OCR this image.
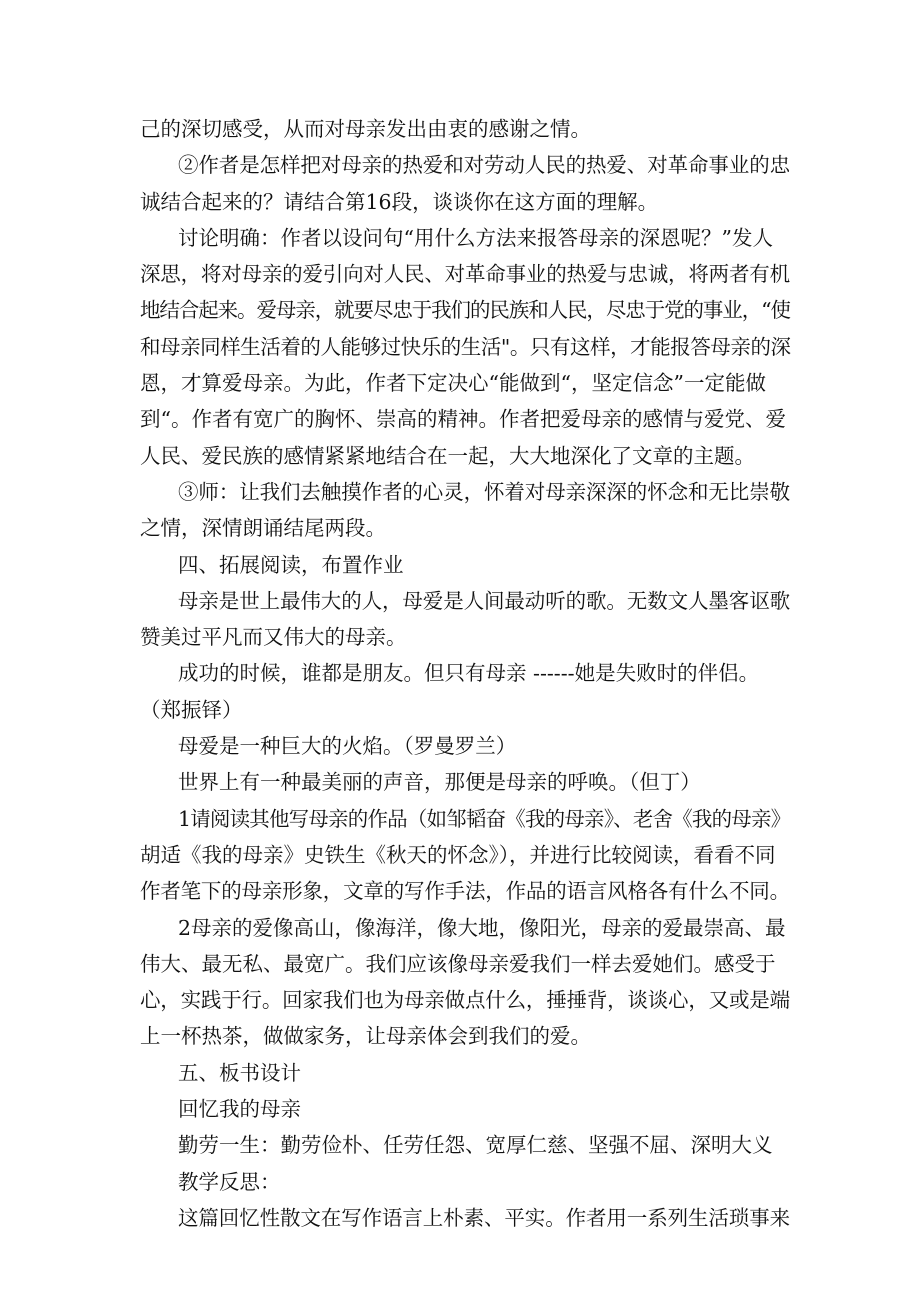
己的深切感受，从而对母亲发出由衷的感谢之情。
②作者是怎样把对母亲的热爱和对劳动人民的热爱、对革命事业的忠
诚结合起来的？请结合第16段，谈谈你在这方面的理解。
讨论明确：作者以设问句“用什么方法来报答母亲的深恩呢？”发人
深思，将对母亲的爱引向对人民、对革命事业的热爱与忠诚，将两者有机
地结合起来。爱母亲，就要尽忠于我们的民族和人民，尽忠于党的事业，“使
和母亲同样生活着的人能够过快乐的生活"。只有这样，才能报答母亲的深
恩，才算爱母亲。为此，作者下定决心“能做到“，坚定信念”一定能做
到“。作者有宽广的胸怀、崇高的精神。作者把爱母亲的感情与爱党、爱
人民、爱民族的感情紧紧地结合在一起，大大地深化了文章的主题。
③师：让我们去触摸作者的心灵，怀着对母亲深深的怀念和无比崇敬
之情，深情朗诵结尾两段。
四、拓展阅读，布置作业
母亲是世上最伟大的人，母爱是人间最动听的歌。无数文人墨客讴歌
赞美过平凡而又伟大的母亲。
成功的时候，谁都是朋友。但只有母亲 ------她是失败时的伴侣。
（郑振铎）
母爱是一种巨大的火焰。（罗曼罗兰）
世界上有一种最美丽的声音，那便是母亲的呼唤。（但丁）
1请阅读其他写母亲的作品（如邹韬奋《我的母亲》、老舍《我的母亲》
胡适《我的母亲》史铁生《秋天的怀念》），并进行比较阅读，看看不同
作者笔下的母亲形象，文章的写作手法，作品的语言风格各有什么不同。
2母亲的爱像高山，像海洋，像大地，像阳光，母亲的爱最崇高、最
伟大、最无私、最宽广。我们应该像母亲爱我们一样去爱她们。感受于
心，实践于行。回家我们也为母亲做点什么，捶捶背，谈谈心，又或是端
上一杯热茶，做做家务，让母亲体会到我们的爱。
五、板书设计
回忆我的母亲
勤劳一生：勤劳俭朴、任劳任怨、宽厚仁慈、坚强不屈、深明大义
教学反思：
这篇回忆性散文在写作语言上朴素、平实。作者用一系列生活琐事来
